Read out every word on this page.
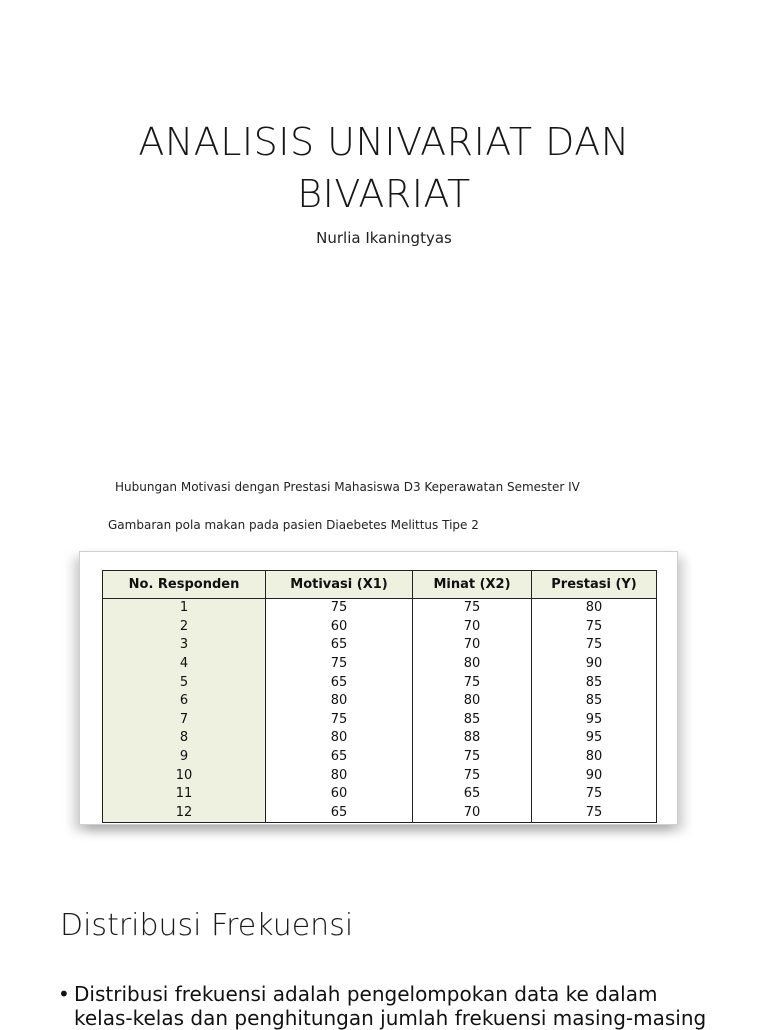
ANALISIS UNIVARIAT DAN
BIVARIAT
Nurlia Ikaningtyas
Hubungan Motivasi dengan Prestasi Mahasiswa D3 Keperawatan Semester IV
Gambaran pola makan pada pasien Diaebetes Melittus Tipe 2
No. Responden	Motivasi (X1)	Minat (X2)	Prestasi (Y)
1	75	75	80
2	60	70	75
3	65	70	75
4	75	80	90
5	65	75	85
6	80	80	85
7	75	85	95
8	80	88	95
9	65	75	80
10	80	75	90
11	60	65	75
12	65	70	75
Distribusi Frekuensi
• Distribusi frekuensi adalah pengelompokan data ke dalam
kelas-kelas dan penghitungan jumlah frekuensi masing-masing
